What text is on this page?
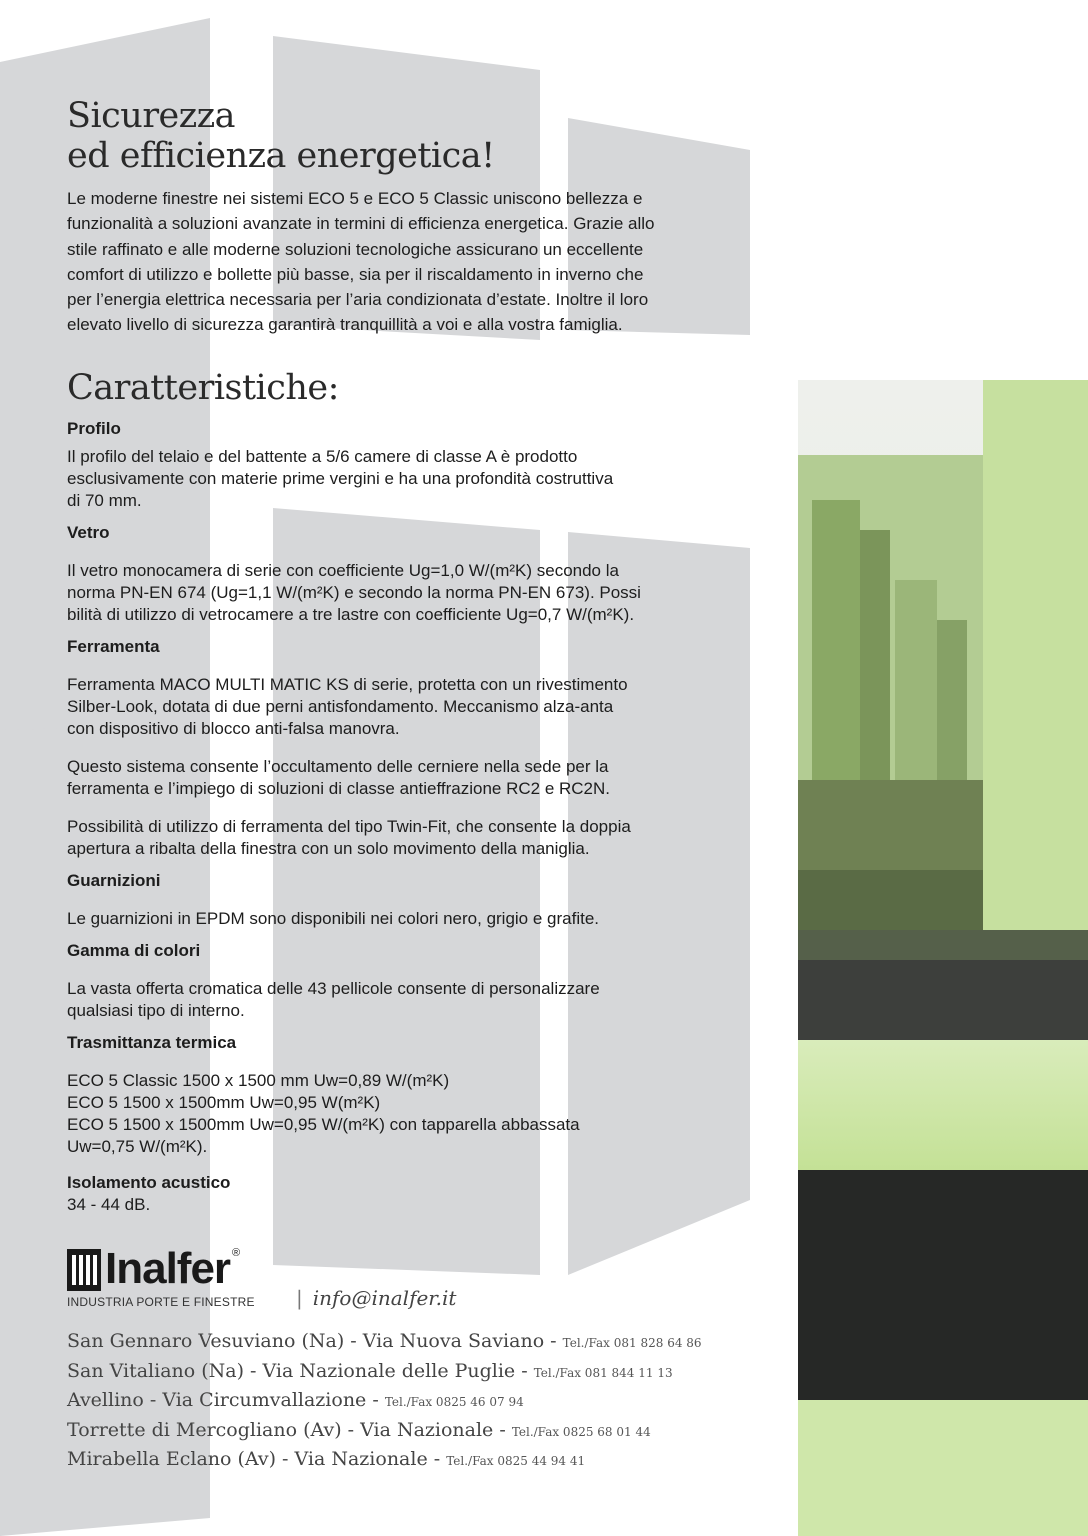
Sicurezza
ed efficienza energetica!
Le moderne finestre nei sistemi ECO 5 e ECO 5 Classic uniscono bellezza e
funzionalità a soluzioni avanzate in termini di efficienza energetica. Grazie allo
stile raffinato e alle moderne soluzioni tecnologiche assicurano un eccellente
comfort di utilizzo e bollette più basse, sia per il riscaldamento in inverno che
per l’energia elettrica necessaria per l’aria condizionata d’estate. Inoltre il loro
elevato livello di sicurezza garantirà tranquillità a voi e alla vostra famiglia.
Caratteristiche:
Profilo
Il profilo del telaio e del battente a 5/6 camere di classe A è prodotto
esclusivamente con materie prime vergini e ha una profondità costruttiva
di 70 mm.
Vetro
Il vetro monocamera di serie con coefficiente Ug=1,0 W/(m²K) secondo la
norma PN-EN 674 (Ug=1,1 W/(m²K) e secondo la norma PN-EN 673). Possi
bilità di utilizzo di vetrocamere a tre lastre con coefficiente Ug=0,7 W/(m²K).
Ferramenta
Ferramenta MACO MULTI MATIC KS di serie, protetta con un rivestimento
Silber-Look, dotata di due perni antisfondamento. Meccanismo alza-anta
con dispositivo di blocco anti-falsa manovra.
Questo sistema consente l’occultamento delle cerniere nella sede per la
ferramenta e l’impiego di soluzioni di classe antieffrazione RC2 e RC2N.
Possibilità di utilizzo di ferramenta del tipo Twin-Fit, che consente la doppia
apertura a ribalta della finestra con un solo movimento della maniglia.
Guarnizioni
Le guarnizioni in EPDM sono disponibili nei colori nero, grigio e grafite.
Gamma di colori
La vasta offerta cromatica delle 43 pellicole consente di personalizzare
qualsiasi tipo di interno.
Trasmittanza termica
ECO 5 Classic 1500 x 1500 mm Uw=0,89 W/(m²K)
ECO 5 1500 x 1500mm Uw=0,95 W(m²K)
ECO 5 1500 x 1500mm Uw=0,95 W/(m²K) con tapparella abbassata
Uw=0,75 W/(m²K).
Isolamento acustico
34 - 44 dB.
Inalfer ®
INDUSTRIA PORTE E FINESTRE | info@inalfer.it
San Gennaro Vesuviano (Na) - Via Nuova Saviano - Tel./Fax 081 828 64 86
San Vitaliano (Na) - Via Nazionale delle Puglie - Tel./Fax 081 844 11 13
Avellino - Via Circumvallazione - Tel./Fax 0825 46 07 94
Torrette di Mercogliano (Av) - Via Nazionale - Tel./Fax 0825 68 01 44
Mirabella Eclano (Av) - Via Nazionale - Tel./Fax 0825 44 94 41
